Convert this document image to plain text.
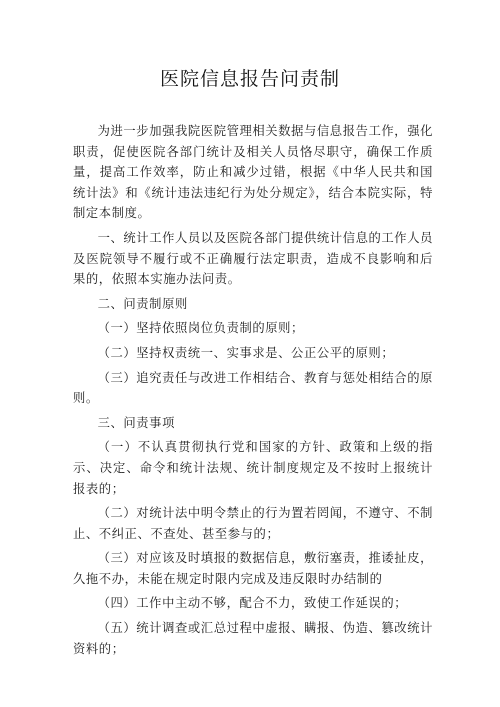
医院信息报告问责制

为进一步加强我院医院管理相关数据与信息报告工作，强化职责，促使医院各部门统计及相关人员恪尽职守，确保工作质量，提高工作效率，防止和减少过错，根据《中华人民共和国统计法》和《统计违法违纪行为处分规定》，结合本院实际，特制定本制度。

一、统计工作人员以及医院各部门提供统计信息的工作人员及医院领导不履行或不正确履行法定职责，造成不良影响和后果的，依照本实施办法问责。

二、问责制原则

（一）坚持依照岗位负责制的原则；

（二）坚持权责统一、实事求是、公正公平的原则；

（三）追究责任与改进工作相结合、教育与惩处相结合的原则。

三、问责事项

（一）不认真贯彻执行党和国家的方针、政策和上级的指示、决定、命令和统计法规、统计制度规定及不按时上报统计报表的；

（二）对统计法中明令禁止的行为置若罔闻，不遵守、不制止、不纠正、不查处、甚至参与的；

（三）对应该及时填报的数据信息，敷衍塞责，推诿扯皮，久拖不办，未能在规定时限内完成及违反限时办结制的

（四）工作中主动不够，配合不力，致使工作延误的；

（五）统计调查或汇总过程中虚报、瞒报、伪造、篡改统计资料的；
